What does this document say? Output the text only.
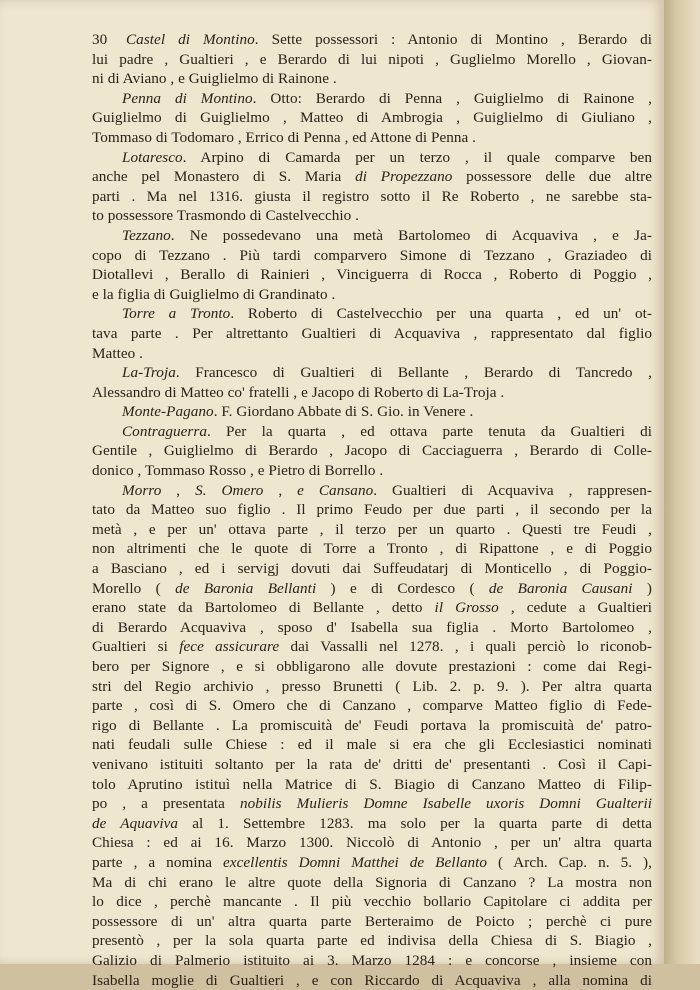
30	Castel di Montino. Sette possessori : Antonio di Montino , Berardo di
lui padre , Gualtieri , e Berardo di lui nipoti , Guglielmo Morello , Giovan-
ni di Aviano , e Guiglielmo di Rainone .
Penna di Montino. Otto: Berardo di Penna , Guiglielmo di Rainone ,
Guiglielmo di Guiglielmo , Matteo di Ambrogia , Guiglielmo di Giuliano ,
Tommaso di Todomaro , Errico di Penna , ed Attone di Penna .
Lotaresco. Arpino di Camarda per un terzo , il quale comparve ben
anche pel Monastero di S. Maria di Propezzano possessore delle due altre
parti . Ma nel 1316. giusta il registro sotto il Re Roberto , ne sarebbe sta-
to possessore Trasmondo di Castelvecchio .
Tezzano. Ne possedevano una metà Bartolomeo di Acquaviva , e Ja-
copo di Tezzano . Più tardi comparvero Simone di Tezzano , Graziadeo di
Diotallevi , Berallo di Rainieri , Vinciguerra di Rocca , Roberto di Poggio ,
e la figlia di Guiglielmo di Grandinato .
Torre a Tronto. Roberto di Castelvecchio per una quarta , ed un' ot-
tava parte . Per altrettanto Gualtieri di Acquaviva , rappresentato dal figlio
Matteo .
La-Troja. Francesco di Gualtieri di Bellante , Berardo di Tancredo ,
Alessandro di Matteo co' fratelli , e Jacopo di Roberto di La-Troja .
Monte-Pagano. F. Giordano Abbate di S. Gio. in Venere .
Contraguerra. Per la quarta , ed ottava parte tenuta da Gualtieri di
Gentile , Guiglielmo di Berardo , Jacopo di Cacciaguerra , Berardo di Colle-
donico , Tommaso Rosso , e Pietro di Borrello .
Morro , S. Omero , e Cansano. Gualtieri di Acquaviva , rappresen-
tato da Matteo suo figlio . Il primo Feudo per due parti , il secondo per la
metà , e per un' ottava parte , il terzo per un quarto . Questi tre Feudi ,
non altrimenti che le quote di Torre a Tronto , di Ripattone , e di Poggio
a Basciano , ed i servigj dovuti dai Suffeudatarj di Monticello , di Poggio-
Morello ( de Baronia Bellanti ) e di Cordesco ( de Baronia Causani )
erano state da Bartolomeo di Bellante , detto il Grosso , cedute a Gualtieri
di Berardo Acquaviva , sposo d' Isabella sua figlia . Morto Bartolomeo ,
Gualtieri si fece assicurare dai Vassalli nel 1278. , i quali perciò lo riconob-
bero per Signore , e si obbligarono alle dovute prestazioni : come dai Regi-
stri del Regio archivio , presso Brunetti ( Lib. 2. p. 9. ). Per altra quarta
parte , così di S. Omero che di Canzano , comparve Matteo figlio di Fede-
rigo di Bellante . La promiscuità de' Feudi portava la promiscuità de' patro-
nati feudali sulle Chiese : ed il male si era che gli Ecclesiastici nominati
venivano istituiti soltanto per la rata de' dritti de' presentanti . Così il Capi-
tolo Aprutino istituì nella Matrice di S. Biagio di Canzano Matteo di Filip-
po , a presentata nobilis Mulieris Domne Isabelle uxoris Domni Gualterii
de Aquaviva al 1. Settembre 1283. ma solo per la quarta parte di detta
Chiesa : ed ai 16. Marzo 1300. Niccolò di Antonio , per un' altra quarta
parte , a nomina excellentis Domni Matthei de Bellanto ( Arch. Cap. n. 5. ),
Ma di chi erano le altre quote della Signoria di Canzano ? La mostra non
lo dice , perchè mancante . Il più vecchio bollario Capitolare ci addita per
possessore di un' altra quarta parte Berteraimo de Poicto ; perchè ci pure
presentò , per la sola quarta parte ed indivisa della Chiesa di S. Biagio ,
Galizio di Palmerio istituito ai 3. Marzo 1284 : e concorse , insieme con
Isabella moglie di Gualtieri , e con Riccardo di Acquaviva , alla nomina di
